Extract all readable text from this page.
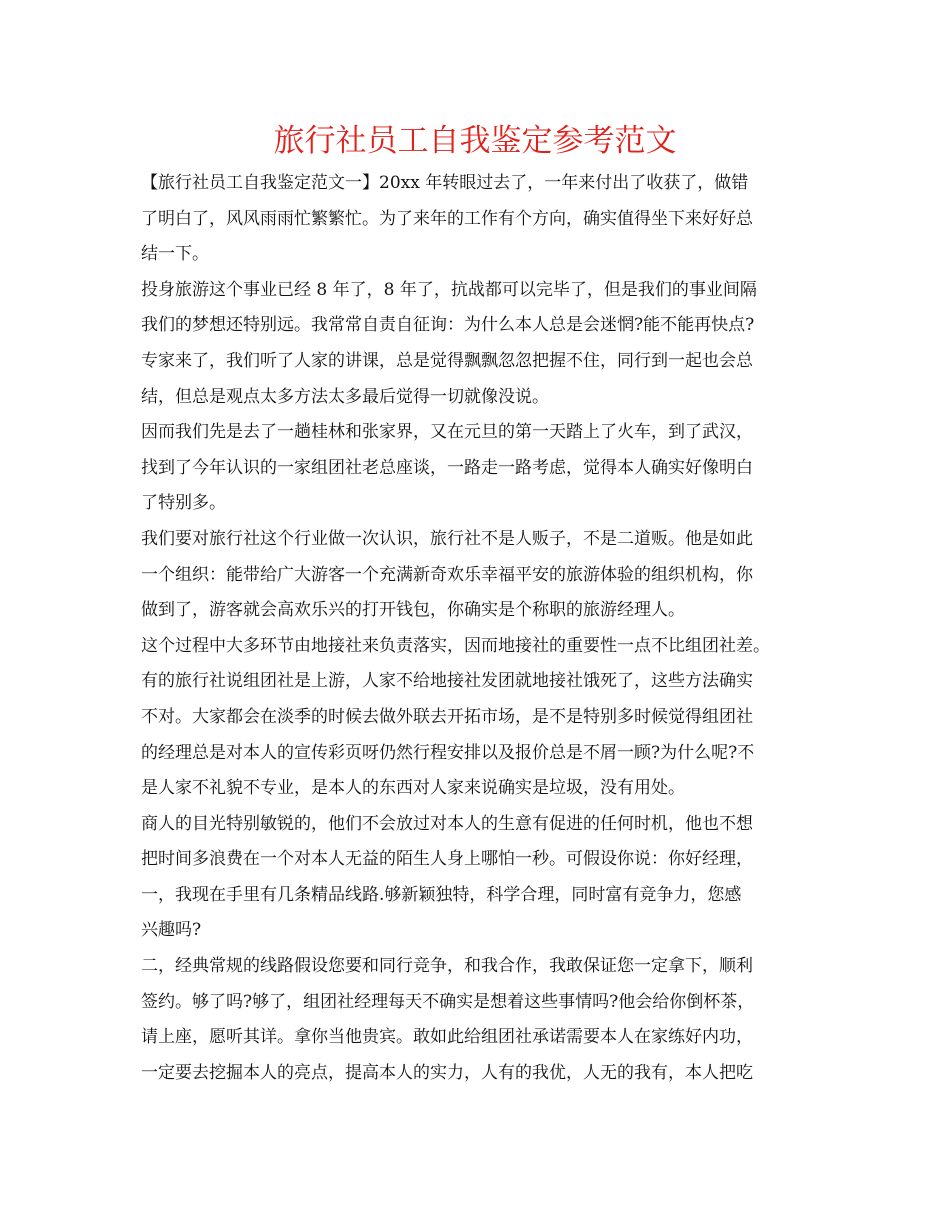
旅行社员工自我鉴定参考范文
【旅行社员工自我鉴定范文一】20xx 年转眼过去了，一年来付出了收获了，做错
了明白了，风风雨雨忙繁繁忙。为了来年的工作有个方向，确实值得坐下来好好总
结一下。
投身旅游这个事业已经 8 年了，8 年了，抗战都可以完毕了，但是我们的事业间隔
我们的梦想还特别远。我常常自责自征询：为什么本人总是会迷惘?能不能再快点?
专家来了，我们听了人家的讲课，总是觉得飘飘忽忽把握不住，同行到一起也会总
结，但总是观点太多方法太多最后觉得一切就像没说。
因而我们先是去了一趟桂林和张家界，又在元旦的第一天踏上了火车，到了武汉，
找到了今年认识的一家组团社老总座谈，一路走一路考虑，觉得本人确实好像明白
了特别多。
我们要对旅行社这个行业做一次认识，旅行社不是人贩子，不是二道贩。他是如此
一个组织：能带给广大游客一个充满新奇欢乐幸福平安的旅游体验的组织机构，你
做到了，游客就会高欢乐兴的打开钱包，你确实是个称职的旅游经理人。
这个过程中大多环节由地接社来负责落实，因而地接社的重要性一点不比组团社差。
有的旅行社说组团社是上游，人家不给地接社发团就地接社饿死了，这些方法确实
不对。大家都会在淡季的时候去做外联去开拓市场，是不是特别多时候觉得组团社
的经理总是对本人的宣传彩页呀仍然行程安排以及报价总是不屑一顾?为什么呢?不
是人家不礼貌不专业，是本人的东西对人家来说确实是垃圾，没有用处。
商人的目光特别敏锐的，他们不会放过对本人的生意有促进的任何时机，他也不想
把时间多浪费在一个对本人无益的陌生人身上哪怕一秒。可假设你说：你好经理，
一，我现在手里有几条精品线路.够新颖独特，科学合理，同时富有竞争力，您感
兴趣吗?
二，经典常规的线路假设您要和同行竞争，和我合作，我敢保证您一定拿下，顺利
签约。够了吗?够了，组团社经理每天不确实是想着这些事情吗?他会给你倒杯茶，
请上座，愿听其详。拿你当他贵宾。敢如此给组团社承诺需要本人在家练好内功，
一定要去挖掘本人的亮点，提高本人的实力，人有的我优，人无的我有，本人把吃
